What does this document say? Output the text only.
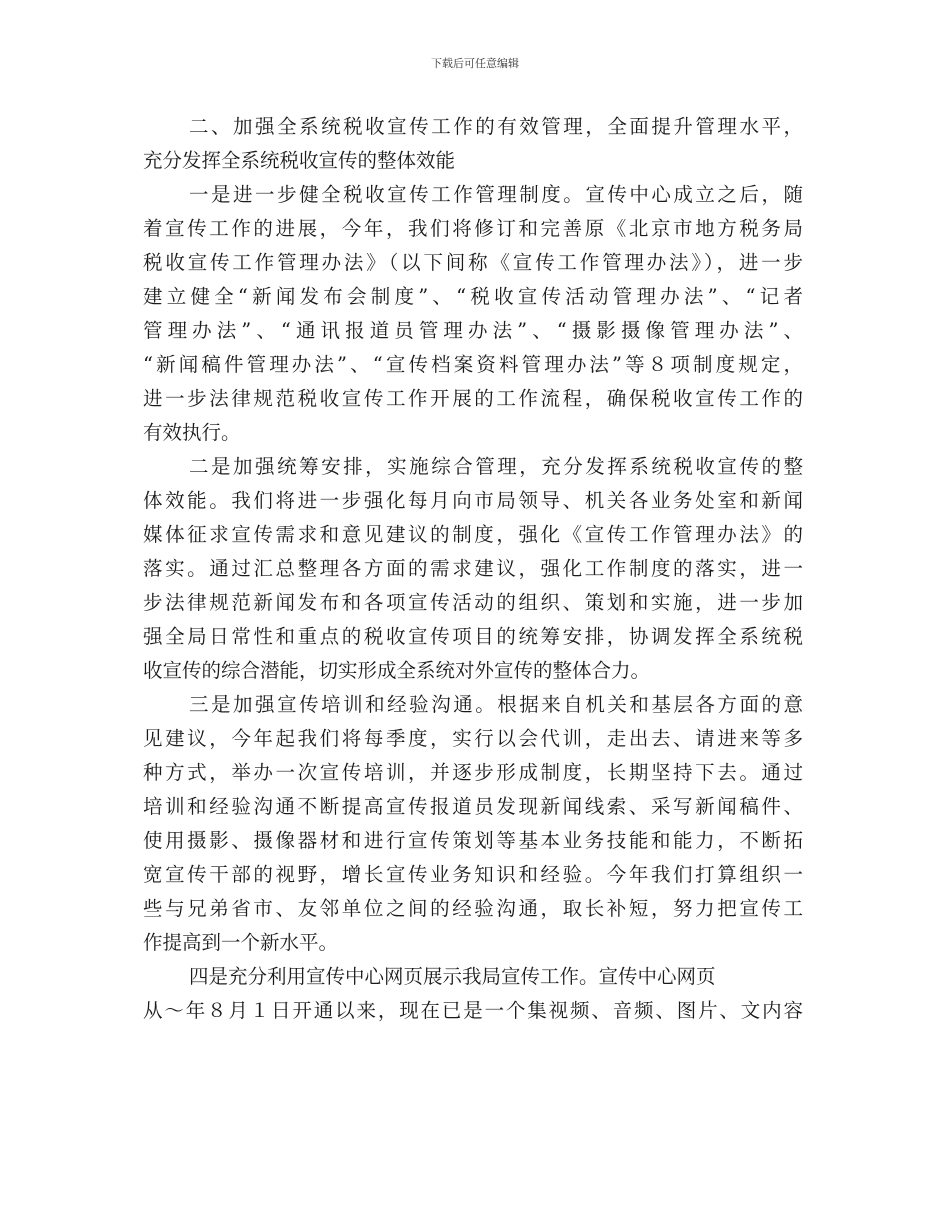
下载后可任意编辑
二、加强全系统税收宣传工作的有效管理，全面提升管理水平，
充分发挥全系统税收宣传的整体效能
一是进一步健全税收宣传工作管理制度。宣传中心成立之后，随
着宣传工作的进展，今年，我们将修订和完善原《北京市地方税务局
税收宣传工作管理办法》（以下间称《宣传工作管理办法》），进一步
建立健全“新闻发布会制度”、“税收宣传活动管理办法”、“记者
管理办法”、“通讯报道员管理办法”、“摄影摄像管理办法”、
“新闻稿件管理办法”、“宣传档案资料管理办法”等８项制度规定，
进一步法律规范税收宣传工作开展的工作流程，确保税收宣传工作的
有效执行。
二是加强统筹安排，实施综合管理，充分发挥系统税收宣传的整
体效能。我们将进一步强化每月向市局领导、机关各业务处室和新闻
媒体征求宣传需求和意见建议的制度，强化《宣传工作管理办法》的
落实。通过汇总整理各方面的需求建议，强化工作制度的落实，进一
步法律规范新闻发布和各项宣传活动的组织、策划和实施，进一步加
强全局日常性和重点的税收宣传项目的统筹安排，协调发挥全系统税
收宣传的综合潜能，切实形成全系统对外宣传的整体合力。
三是加强宣传培训和经验沟通。根据来自机关和基层各方面的意
见建议，今年起我们将每季度，实行以会代训，走出去、请进来等多
种方式，举办一次宣传培训，并逐步形成制度，长期坚持下去。通过
培训和经验沟通不断提高宣传报道员发现新闻线索、采写新闻稿件、
使用摄影、摄像器材和进行宣传策划等基本业务技能和能力，不断拓
宽宣传干部的视野，增长宣传业务知识和经验。今年我们打算组织一
些与兄弟省市、友邻单位之间的经验沟通，取长补短，努力把宣传工
作提高到一个新水平。
四是充分利用宣传中心网页展示我局宣传工作。宣传中心网页
从～年８月１日开通以来，现在已是一个集视频、音频、图片、文内容
